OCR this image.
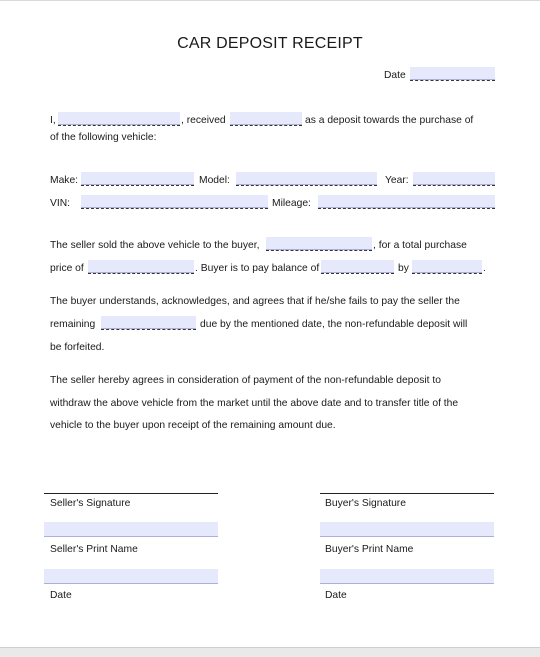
CAR DEPOSIT RECEIPT
Date
I,	, received	as a deposit towards the purchase of
of the following vehicle:
Make:	Model:	Year:
VIN:	Mileage:
The seller sold the above vehicle to the buyer,	, for a total purchase
price of	. Buyer is to pay balance of	by	.
The buyer understands, acknowledges, and agrees that if he/she fails to pay the seller the
remaining	due by the mentioned date, the non-refundable deposit will
be forfeited.
The seller hereby agrees in consideration of payment of the non-refundable deposit to
withdraw the above vehicle from the market until the above date and to transfer title of the
vehicle to the buyer upon receipt of the remaining amount due.
Seller's Signature	Buyer's Signature
Seller's Print Name	Buyer's Print Name
Date	Date
